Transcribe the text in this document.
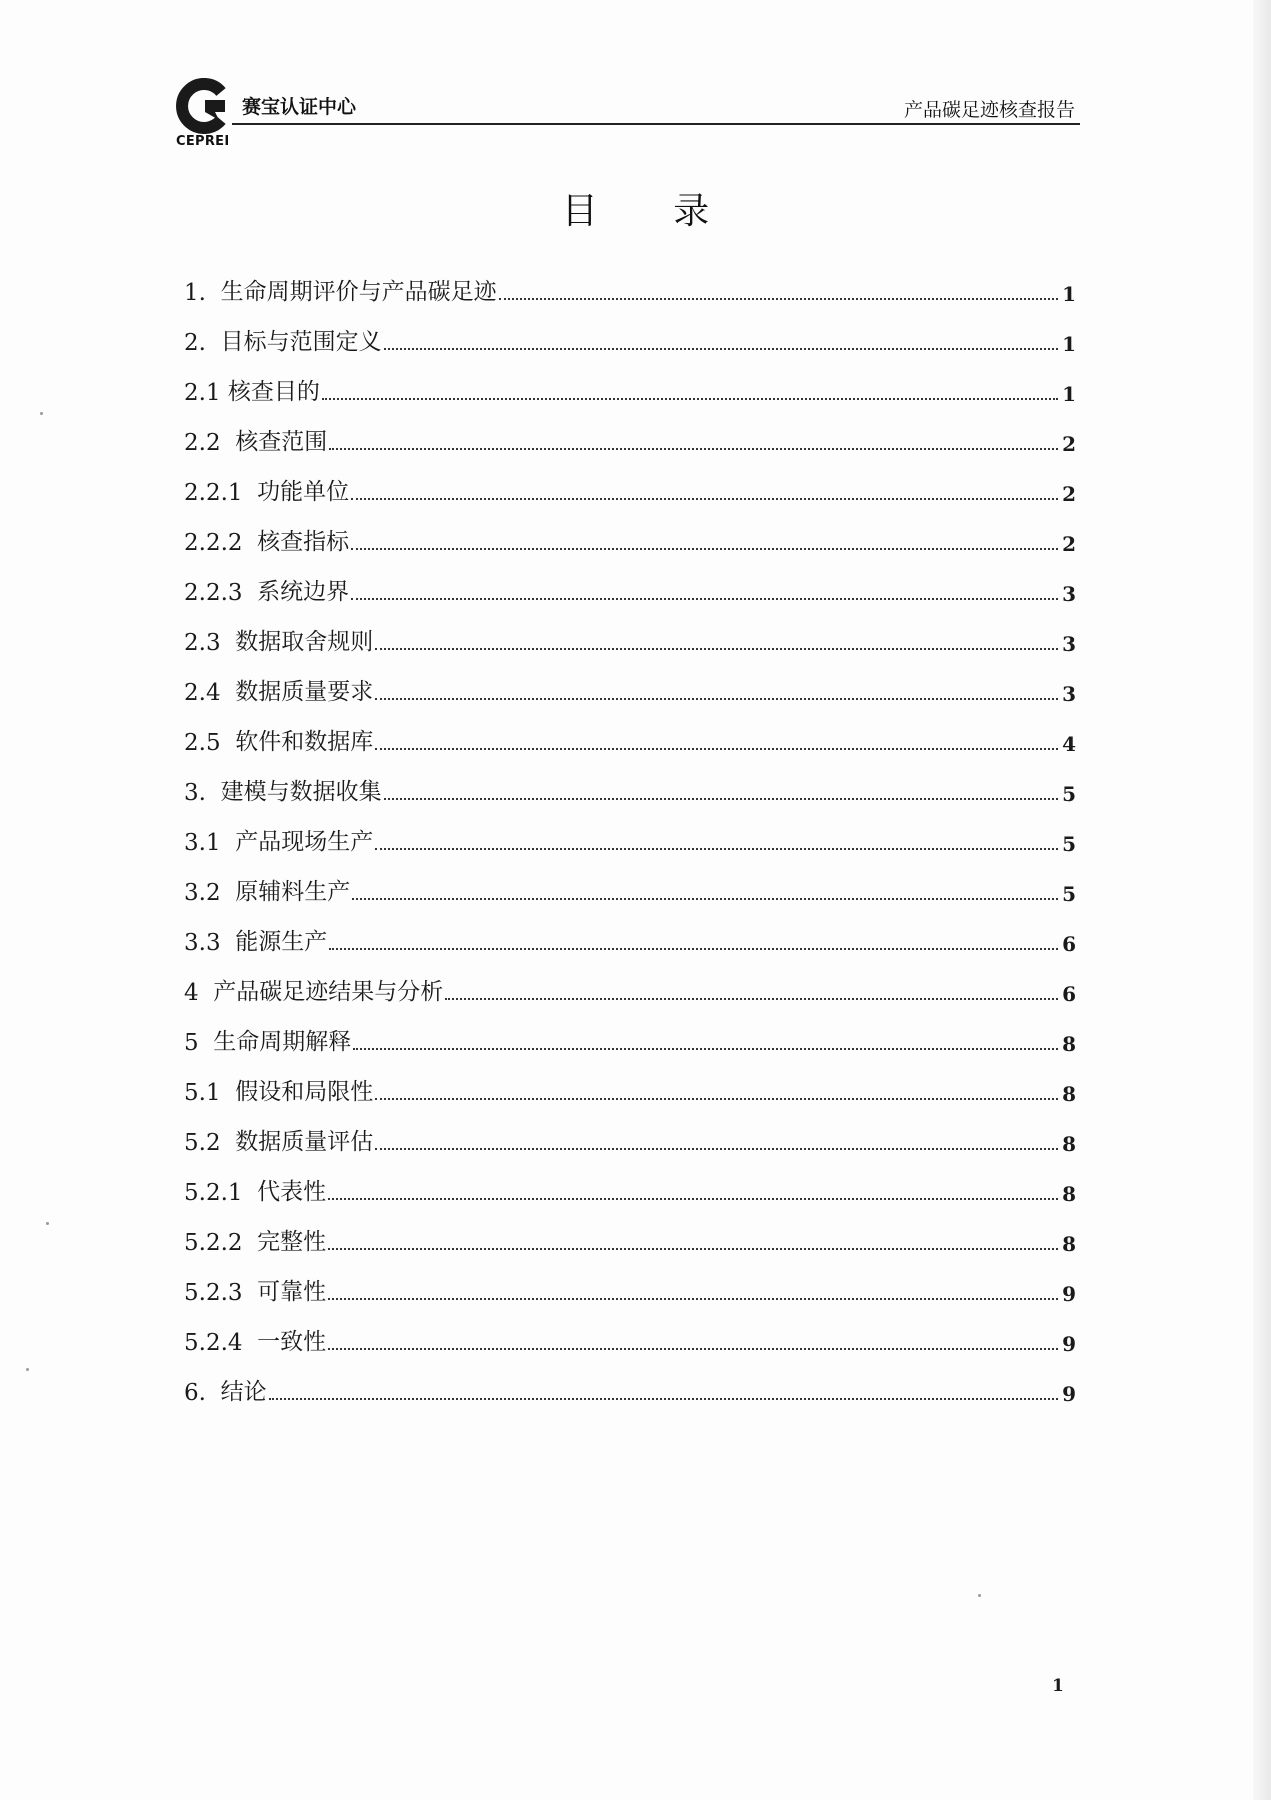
CEPREI
赛宝认证中心	产品碳足迹核查报告
目 录
1. 生命周期评价与产品碳足迹	1
2. 目标与范围定义	1
2.1 核查目的	1
2.2 核查范围	2
2.2.1 功能单位	2
2.2.2 核查指标	2
2.2.3 系统边界	3
2.3 数据取舍规则	3
2.4 数据质量要求	3
2.5 软件和数据库	4
3. 建模与数据收集	5
3.1 产品现场生产	5
3.2 原辅料生产	5
3.3 能源生产	6
4 产品碳足迹结果与分析	6
5 生命周期解释	8
5.1 假设和局限性	8
5.2 数据质量评估	8
5.2.1 代表性	8
5.2.2 完整性	8
5.2.3 可靠性	9
5.2.4 一致性	9
6. 结论	9
1
